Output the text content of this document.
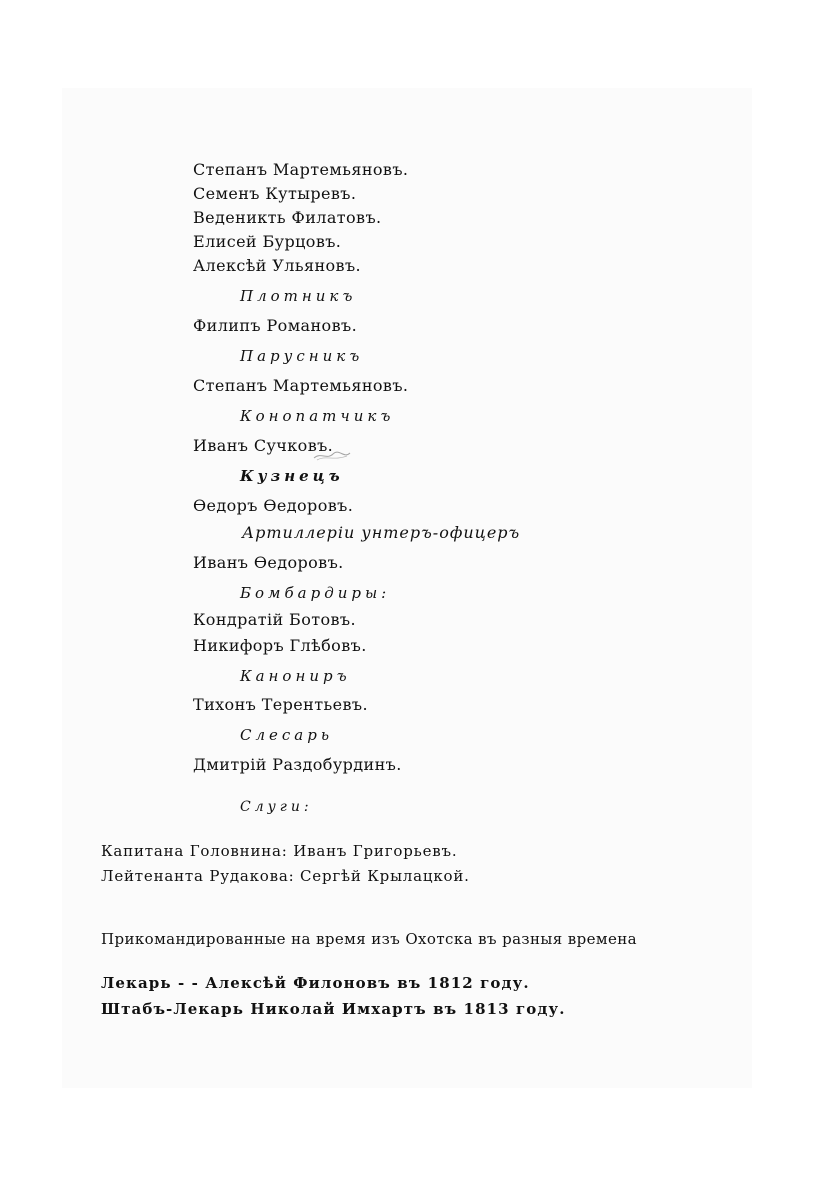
Степанъ Мартемьяновъ.
Семенъ Кутыревъ.
Веденикть Филатовъ.
Елисей Бурцовъ.
Алексѣй Ульяновъ.
Плотникъ
Филипъ Романовъ.
Парусникъ
Степанъ Мартемьяновъ.
Конопатчикъ
Иванъ Сучковъ.
Кузнецъ
Ѳедоръ Ѳедоровъ.
Артиллеріи унтеръ-офицеръ
Иванъ Ѳедоровъ.
Бомбардиры:
Кондратій Ботовъ.
Никифоръ Глѣбовъ.
Канониръ
Тихонъ Терентьевъ.
Слесарь
Дмитрій Раздобурдинъ.
Слуги:
Капитана Головнина: Иванъ Григорьевъ.
Лейтенанта Рудакова: Сергѣй Крылацкой.
Прикомандированные на время изъ Охотска въ разныя времена
Лекарь - - Алексѣй Филоновъ въ 1812 году.
Штабъ-Лекарь Николай Имхартъ въ 1813 году.
